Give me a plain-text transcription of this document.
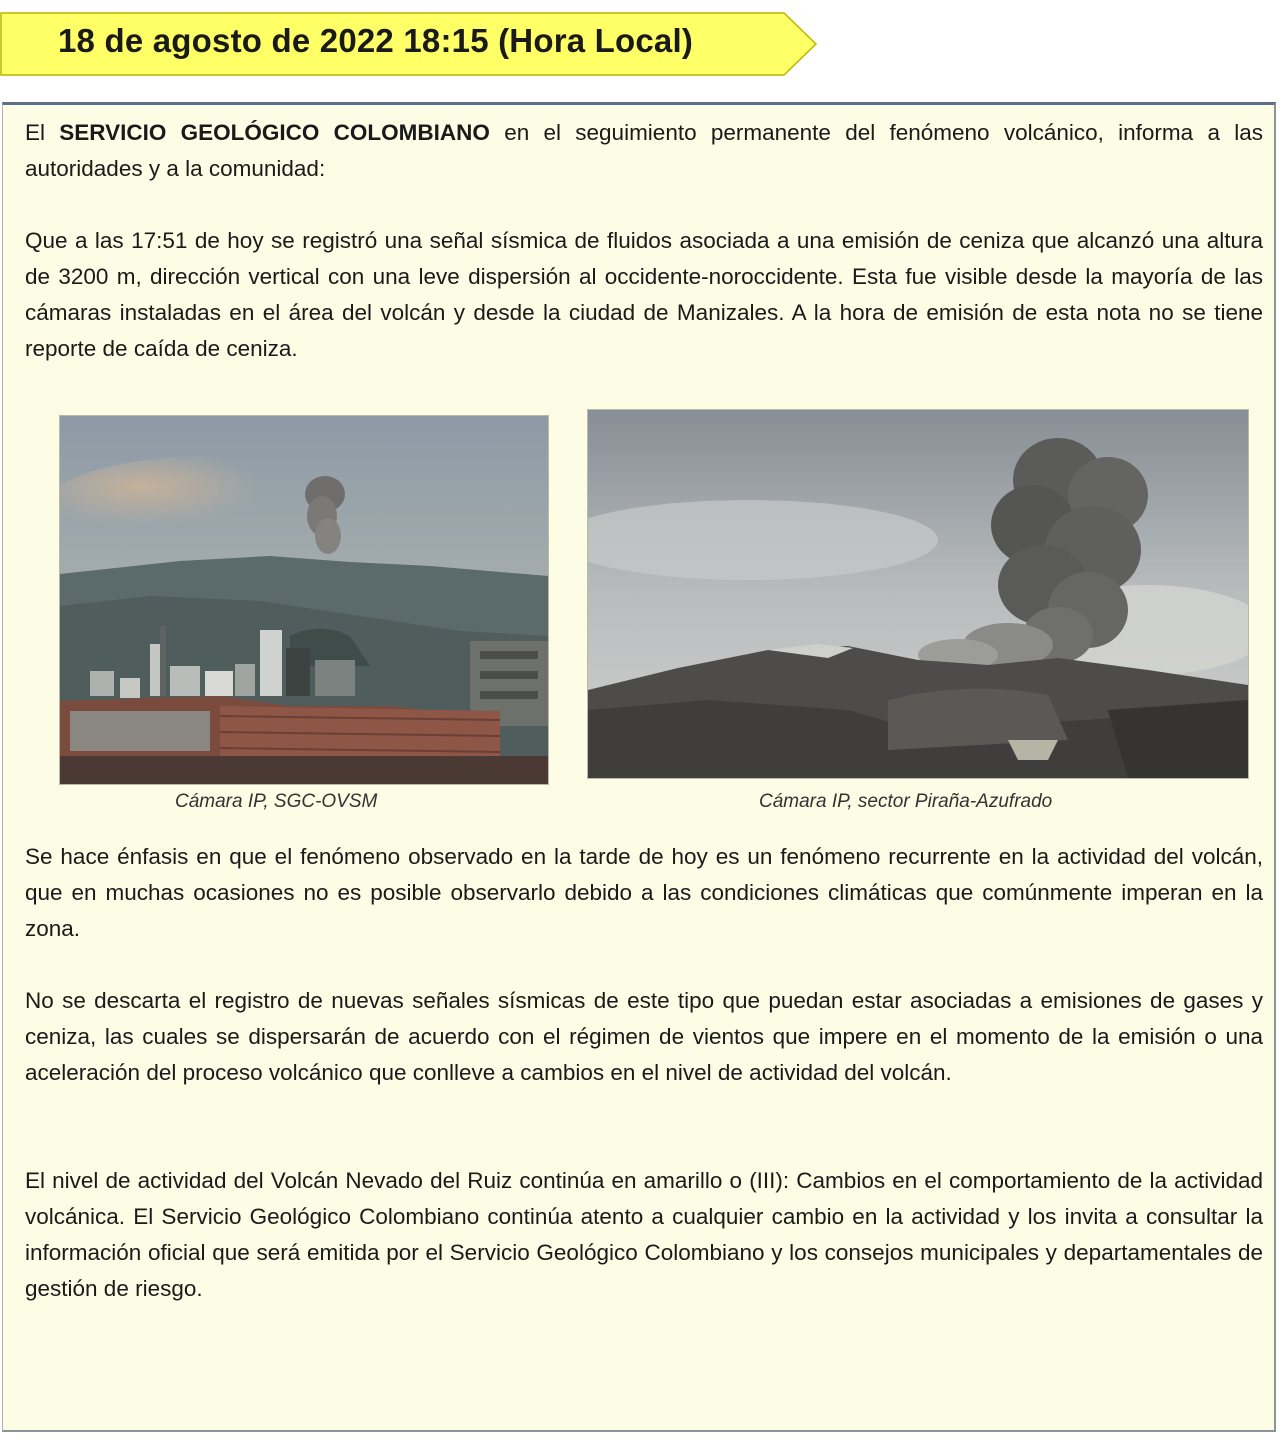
18 de agosto de 2022 18:15 (Hora Local)

El SERVICIO GEOLÓGICO COLOMBIANO en el seguimiento permanente del fenómeno volcánico, informa a las autoridades y a la comunidad:

Que a las 17:51 de hoy se registró una señal sísmica de fluidos asociada a una emisión de ceniza que alcanzó una altura de 3200 m, dirección vertical con una leve dispersión al occidente-noroccidente. Esta fue visible desde la mayoría de las cámaras instaladas en el área del volcán y desde la ciudad de Manizales. A la hora de emisión de esta nota no se tiene reporte de caída de ceniza.

Cámara IP, SGC-OVSM	Cámara IP, sector Piraña-Azufrado

Se hace énfasis en que el fenómeno observado en la tarde de hoy es un fenómeno recurrente en la actividad del volcán, que en muchas ocasiones no es posible observarlo debido a las condiciones climáticas que comúnmente imperan en la zona.

No se descarta el registro de nuevas señales sísmicas de este tipo que puedan estar asociadas a emisiones de gases y ceniza, las cuales se dispersarán de acuerdo con el régimen de vientos que impere en el momento de la emisión o una aceleración del proceso volcánico que conlleve a cambios en el nivel de actividad del volcán.

El nivel de actividad del Volcán Nevado del Ruiz continúa en amarillo o (III): Cambios en el comportamiento de la actividad volcánica. El Servicio Geológico Colombiano continúa atento a cualquier cambio en la actividad y los invita a consultar la información oficial que será emitida por el Servicio Geológico Colombiano y los consejos municipales y departamentales de gestión de riesgo.
